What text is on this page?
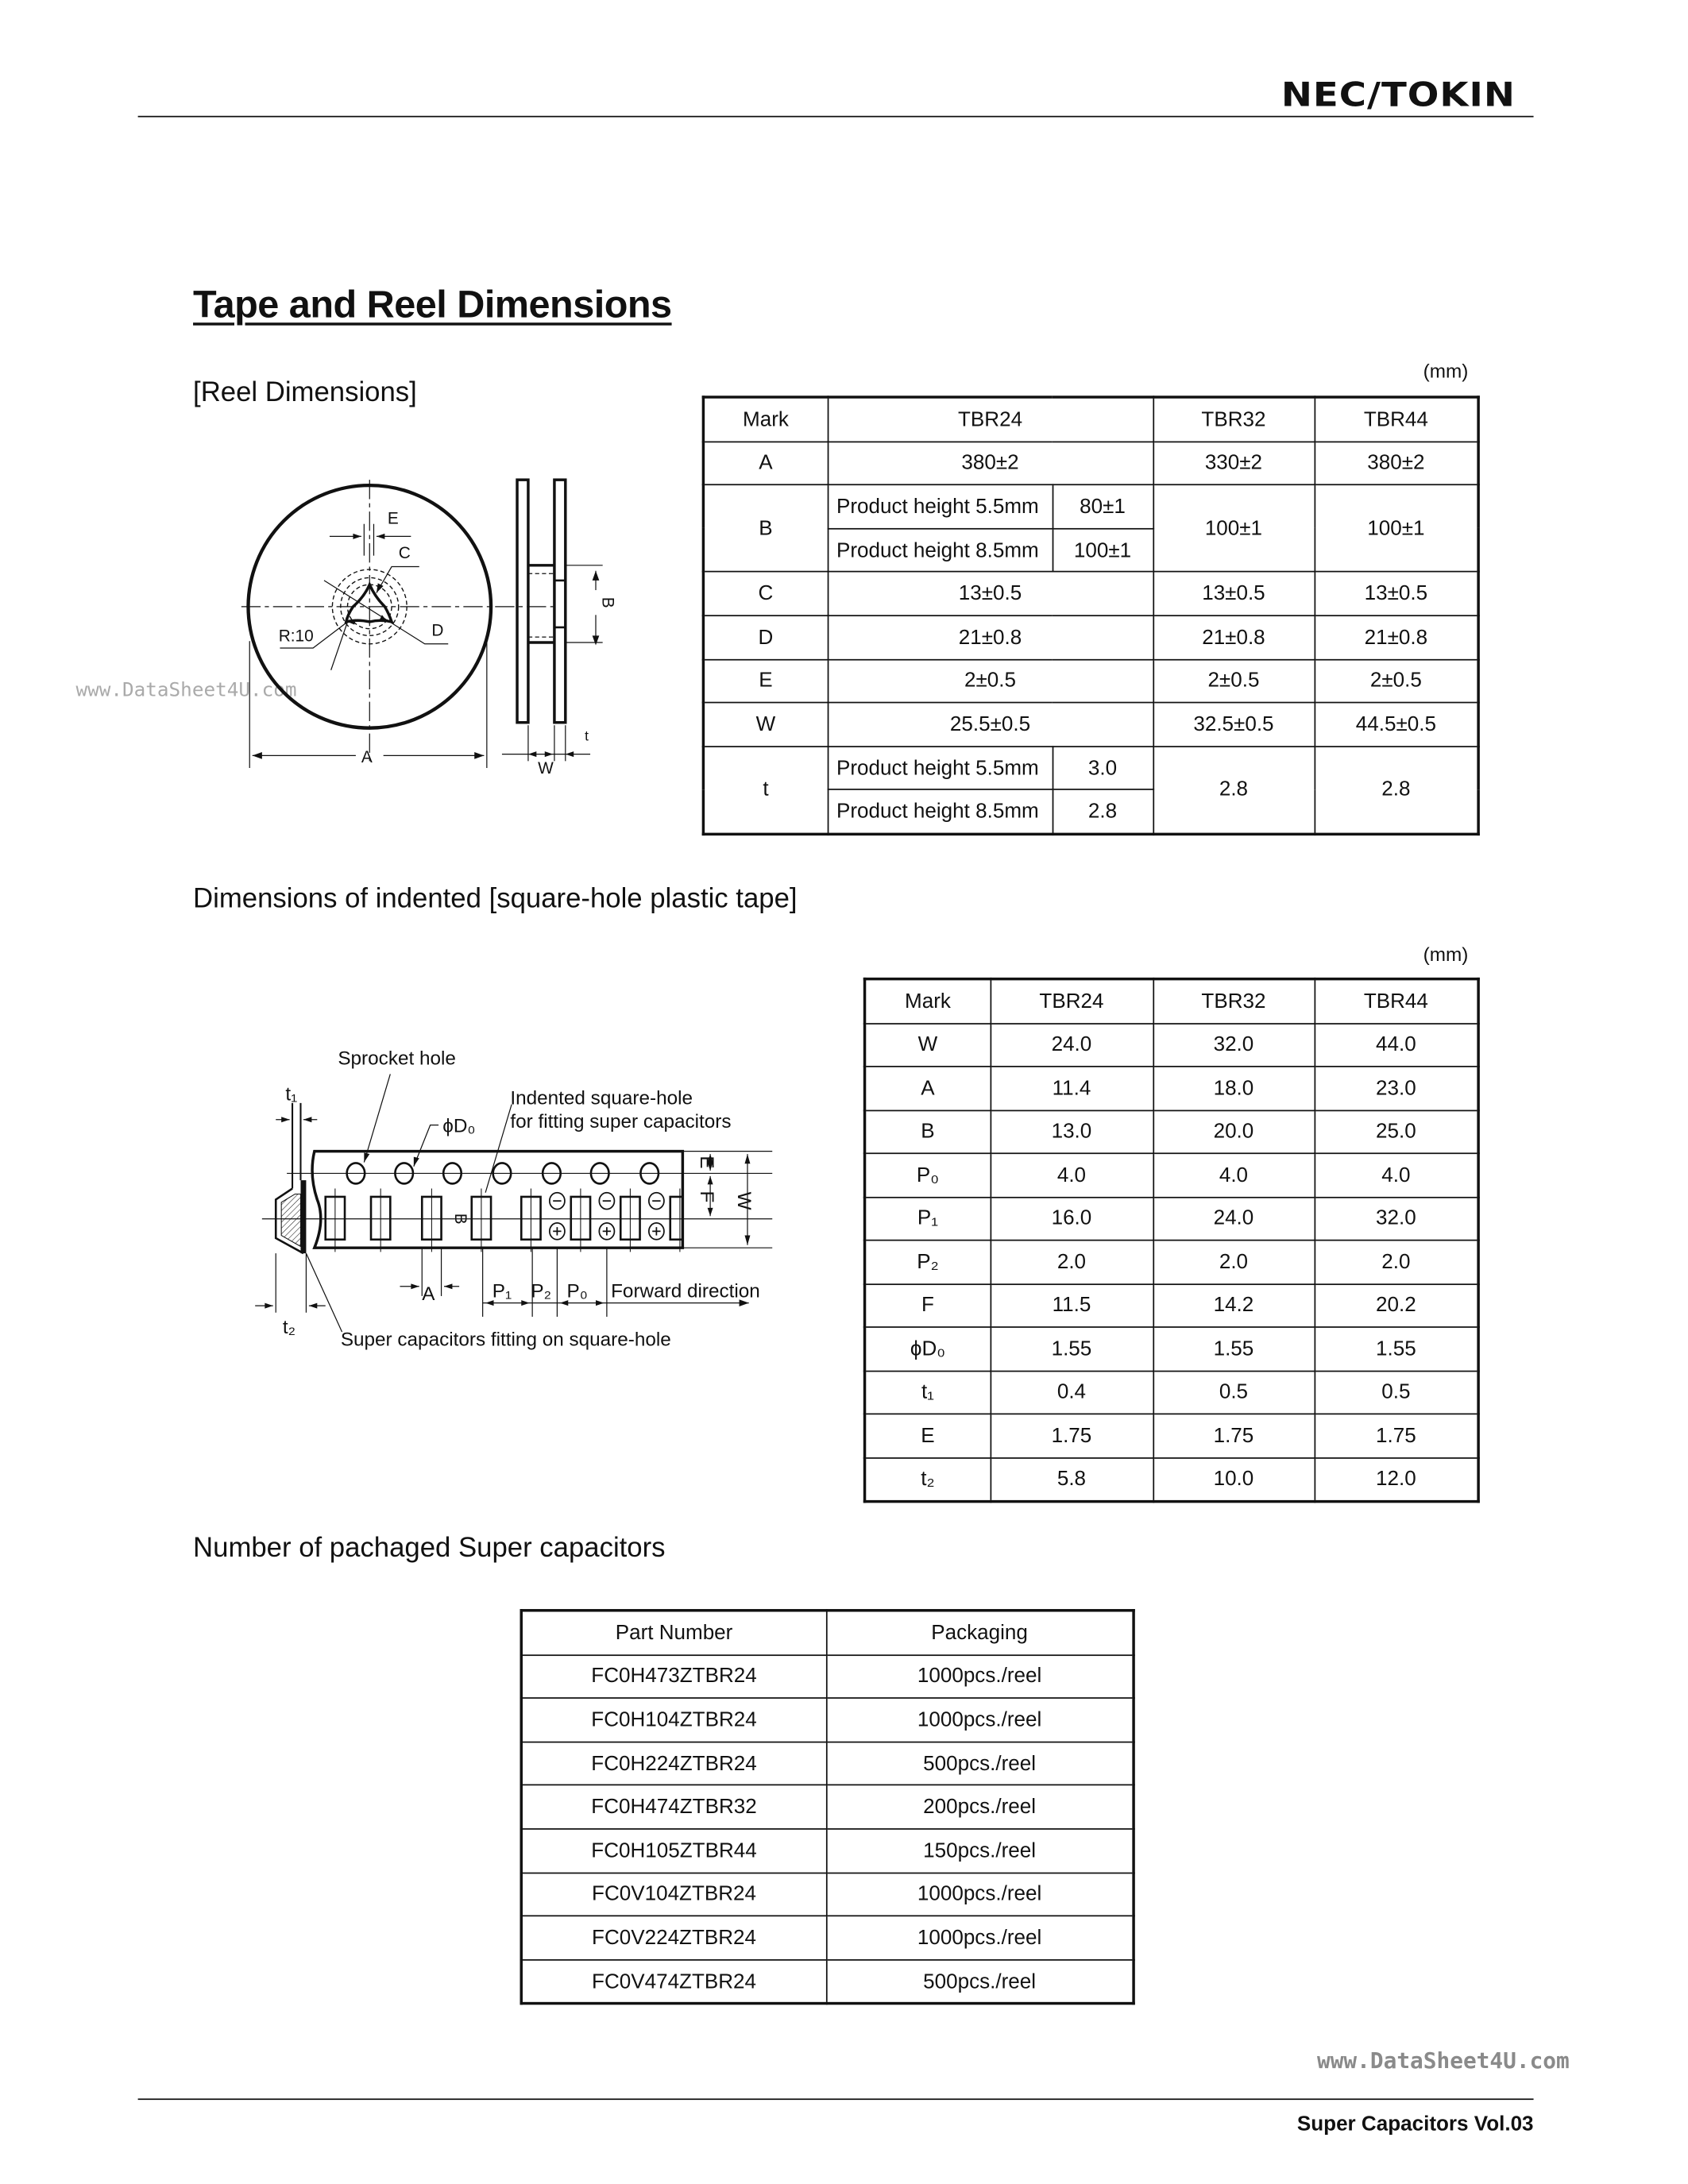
NEC/TOKIN
Tape and Reel Dimensions
[Reel Dimensions]
(mm)
Mark	TBR24		TBR32	TBR44
A	380±2		330±2	380±2
B	Product height 5.5mm	80±1	100±1	100±1
	Product height 8.5mm	100±1		
C	13±0.5		13±0.5	13±0.5
D	21±0.8		21±0.8	21±0.8
E	2±0.5		2±0.5	2±0.5
W	25.5±0.5		32.5±0.5	44.5±0.5
t	Product height 5.5mm	3.0	2.8	2.8
	Product height 8.5mm	2.8		
www.DataSheet4U.com
A
B
C
D
E
R:10
W
t
Sprocket hole
ϕD₀
Indented square-hole
for fitting super capacitors
t₁
t₂
B
A	P₁ P₂ P₀ Forward direction
Super capacitors fitting on square-hole
E
F W
Dimensions of indented [square-hole plastic tape]
(mm)
Mark	TBR24	TBR32	TBR44
W	24.0	32.0	44.0
A	11.4	18.0	23.0
B	13.0	20.0	25.0
P₀	4.0	4.0	4.0
P₁	16.0	24.0	32.0
P₂	2.0	2.0	2.0
F	11.5	14.2	20.2
ϕD₀	1.55	1.55	1.55
t₁	0.4	0.5	0.5
E	1.75	1.75	1.75
t₂	5.8	10.0	12.0
Number of pachaged Super capacitors
Part Number	Packaging
FC0H473ZTBR24	1000pcs./reel
FC0H104ZTBR24	1000pcs./reel
FC0H224ZTBR24	500pcs./reel
FC0H474ZTBR32	200pcs./reel
FC0H105ZTBR44	150pcs./reel
FC0V104ZTBR24	1000pcs./reel
FC0V224ZTBR24	1000pcs./reel
FC0V474ZTBR24	500pcs./reel
www.DataSheet4U.com
Super Capacitors Vol.03
